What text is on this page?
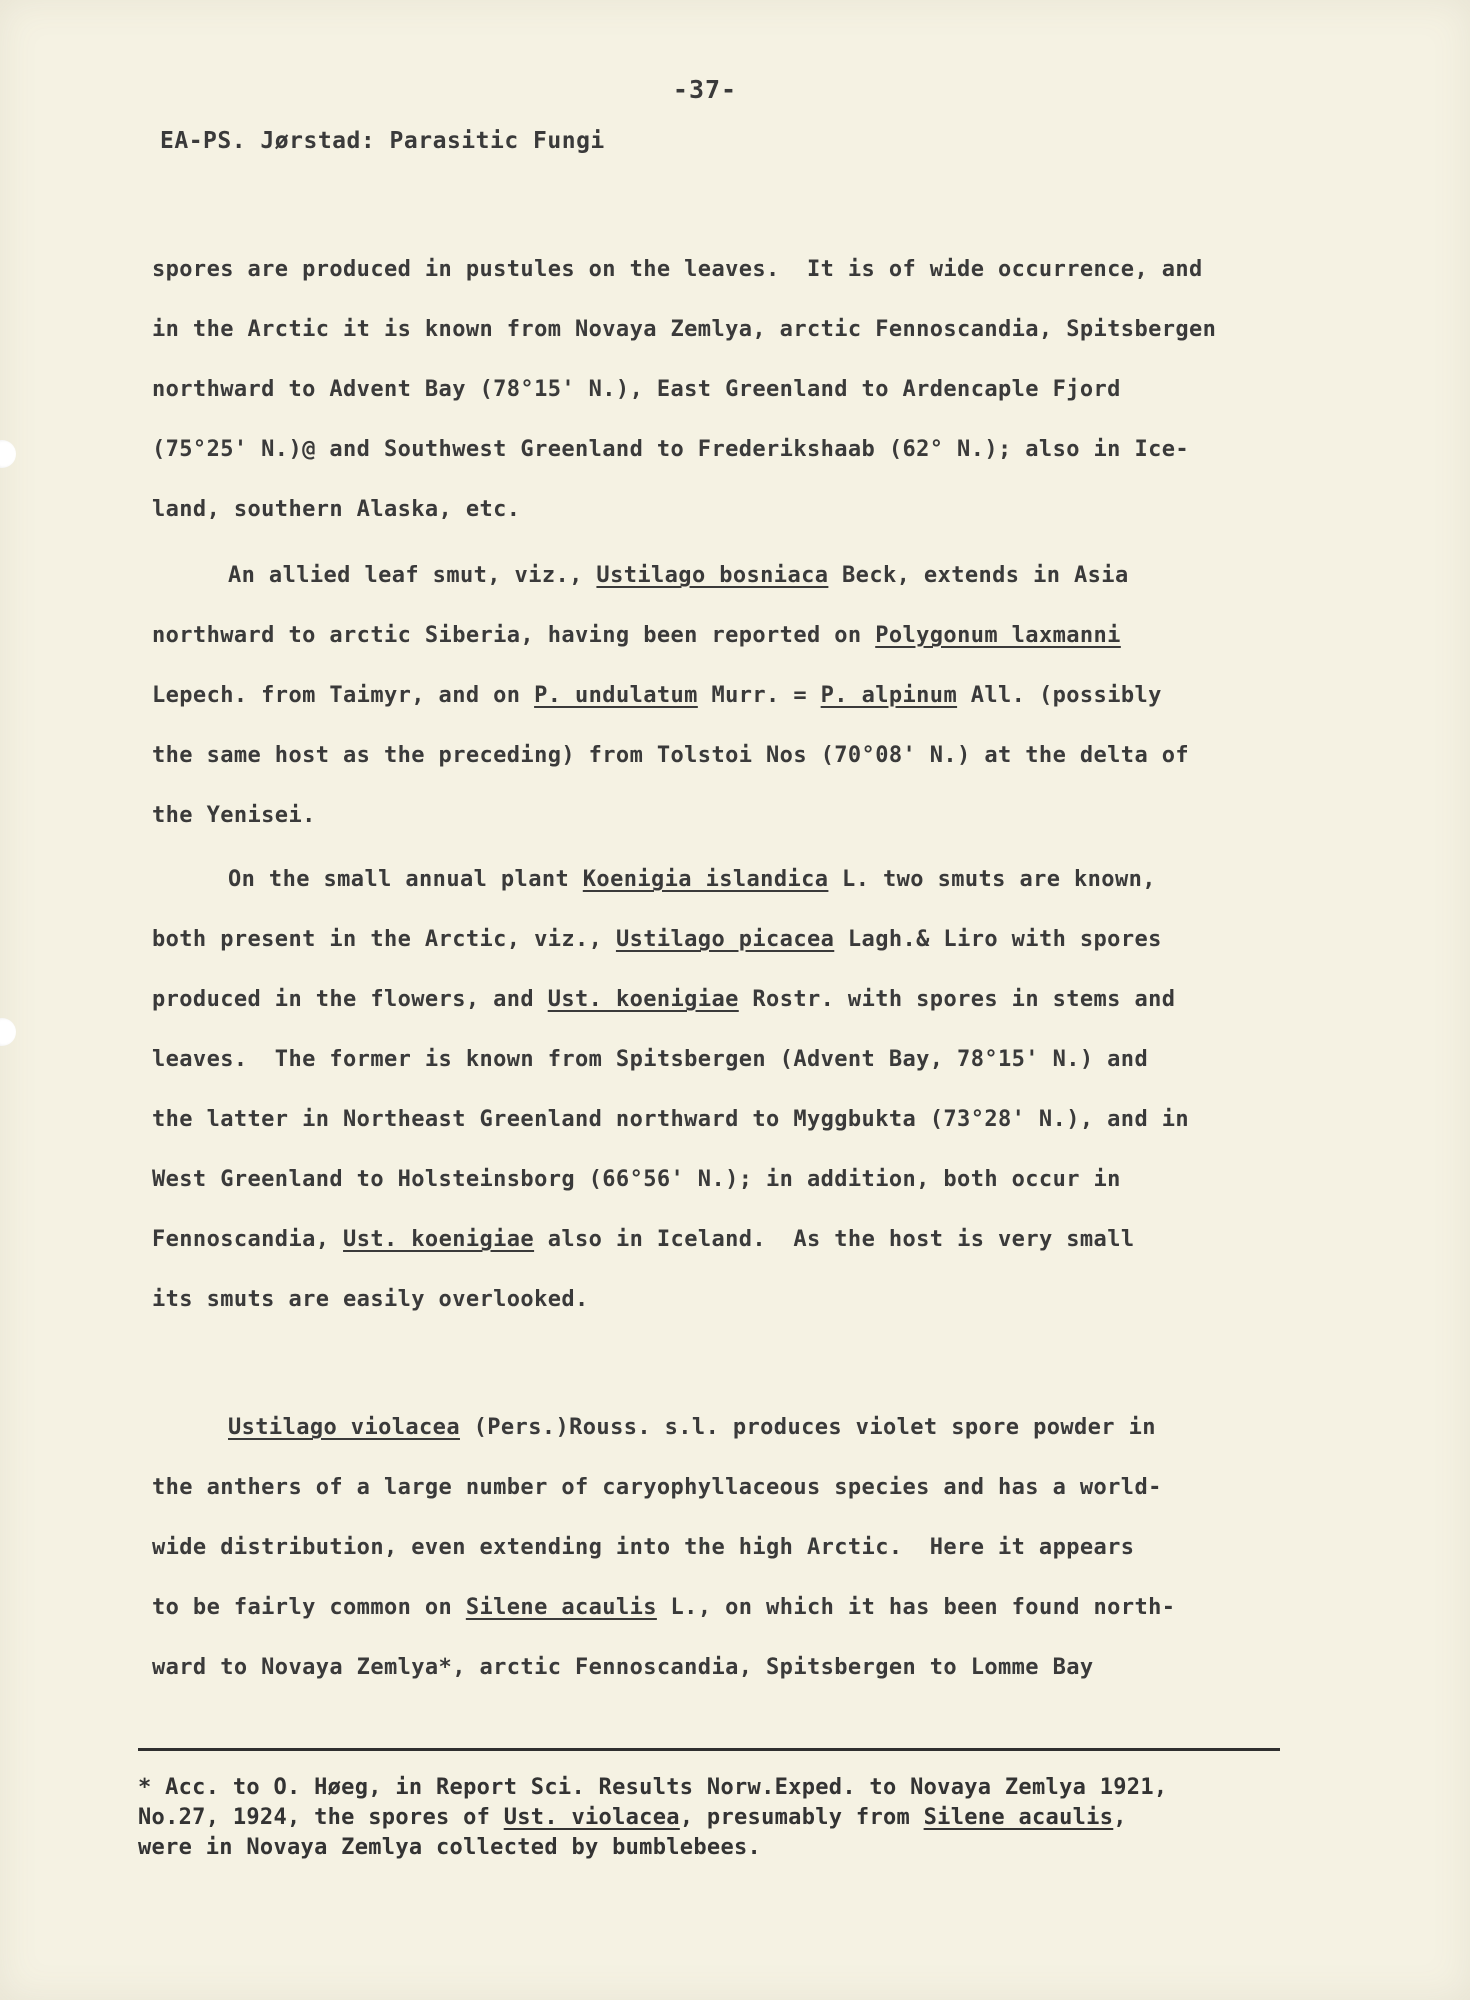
-37-
EA-PS. Jørstad: Parasitic Fungi
spores are produced in pustules on the leaves.  It is of wide occurrence, and
in the Arctic it is known from Novaya Zemlya, arctic Fennoscandia, Spitsbergen
northward to Advent Bay (78°15' N.), East Greenland to Ardencaple Fjord
(75°25' N.)@ and Southwest Greenland to Frederikshaab (62° N.); also in Ice-
land, southern Alaska, etc.
An allied leaf smut, viz., Ustilago bosniaca Beck, extends in Asia
northward to arctic Siberia, having been reported on Polygonum laxmanni
Lepech. from Taimyr, and on P. undulatum Murr. = P. alpinum All. (possibly
the same host as the preceding) from Tolstoi Nos (70°08' N.) at the delta of
the Yenisei.
On the small annual plant Koenigia islandica L. two smuts are known,
both present in the Arctic, viz., Ustilago picacea Lagh.& Liro with spores
produced in the flowers, and Ust. koenigiae Rostr. with spores in stems and
leaves.  The former is known from Spitsbergen (Advent Bay, 78°15' N.) and
the latter in Northeast Greenland northward to Myggbukta (73°28' N.), and in
West Greenland to Holsteinsborg (66°56' N.); in addition, both occur in
Fennoscandia, Ust. koenigiae also in Iceland.  As the host is very small
its smuts are easily overlooked.
Ustilago violacea (Pers.)Rouss. s.l. produces violet spore powder in
the anthers of a large number of caryophyllaceous species and has a world-
wide distribution, even extending into the high Arctic.  Here it appears
to be fairly common on Silene acaulis L., on which it has been found north-
ward to Novaya Zemlya*, arctic Fennoscandia, Spitsbergen to Lomme Bay
* Acc. to O. Høeg, in Report Sci. Results Norw.Exped. to Novaya Zemlya 1921,
No.27, 1924, the spores of Ust. violacea, presumably from Silene acaulis,
were in Novaya Zemlya collected by bumblebees.
